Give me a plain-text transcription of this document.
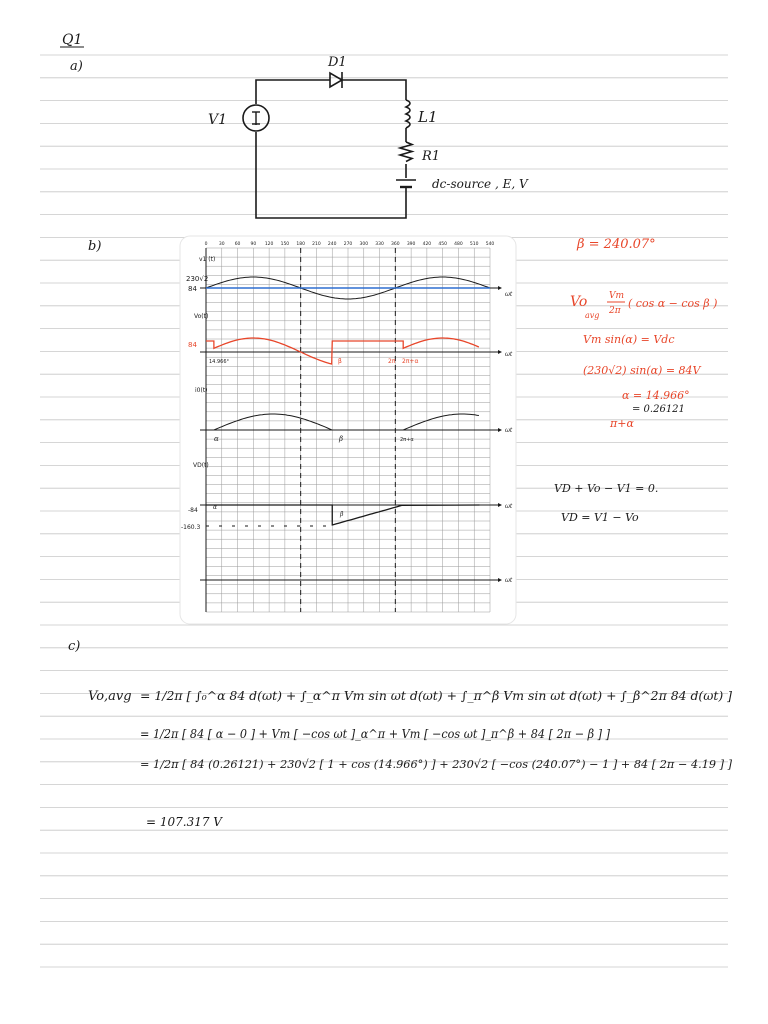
Q1
a)
V1
D1
L1
R1
dc-source , E, V
b)	0	30 60 90 120 150 180 210 240 270 300 330 360 390 420 450 480 510 540
v1 (t)
230√2
84
ωt
Vo(t)
84
14.966°	β	2π 2π+α
ωt
i0(t)
α	β	2π+α
ωt
VD(t)
-84
-160.3
α
β
ωt
ωt
β = 240.07°
Vo
avg
Vm
2π
( cos α − cos β )
Vm sin(α) = Vdc
(230√2) sin(α) = 84V
α = 14.966°
= 0.26121
π+α
VD + Vo − V1 = 0.
VD = V1 − Vo
c)
Vo,avg = 1/2π [ ∫₀^α 84 d(ωt) + ∫_α^π Vm sin ωt d(ωt) + ∫_π^β Vm sin ωt d(ωt) + ∫_β^2π 84 d(ωt) ]
= 1/2π [ 84 [ α − 0 ] + Vm [ −cos ωt ]_α^π + Vm [ −cos ωt ]_π^β + 84 [ 2π − β ] ]
= 1/2π [ 84 (0.26121) + 230√2 [ 1 + cos (14.966°) ] + 230√2 [ −cos (240.07°) − 1 ] + 84 [ 2π − 4.19 ] ]
= 107.317 V
